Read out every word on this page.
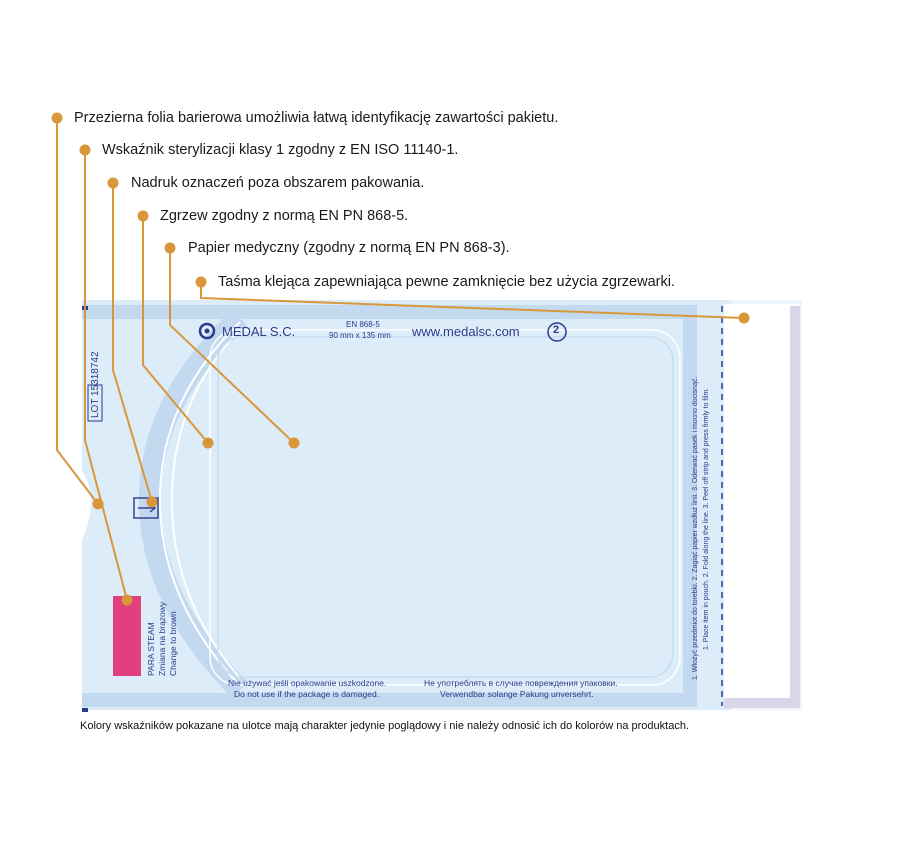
Przezierna folia barierowa umożliwia łatwą identyfikację zawartości pakietu.
Wskaźnik sterylizacji klasy 1 zgodny z EN ISO 11140-1.
Nadruk oznaczeń poza obszarem pakowania.
Zgrzew zgodny z normą EN PN 868-5.
Papier medyczny (zgodny z normą EN PN 868-3).
Taśma klejąca zapewniająca pewne zamknięcie bez użycia zgrzewarki.
MEDAL S.C.	EN 868-5
90 mm x 135 mm www.medalsc.com	2
Nie używać jeśli opakowanie uszkodzone.
Do not use if the package is damaged.
Не употреблять в случае повреждения упаковки.
Verwendbar solange Pakung unversehrt.
LOT 15318742
PARA STEAM Zmiana na brązowy Change to brown	1. Włożyć przedmiot do torebki. 2. Zagiąć papier wzdłuż linii. 3. Oderwać pasek i mocno docisnąć. 1. Place item in pouch. 2. Fold along the line. 3. Peel off strip and press firmly to film.
Kolory wskaźników pokazane na ulotce mają charakter jedynie poglądowy i nie należy odnosić ich do kolorów na produktach.
